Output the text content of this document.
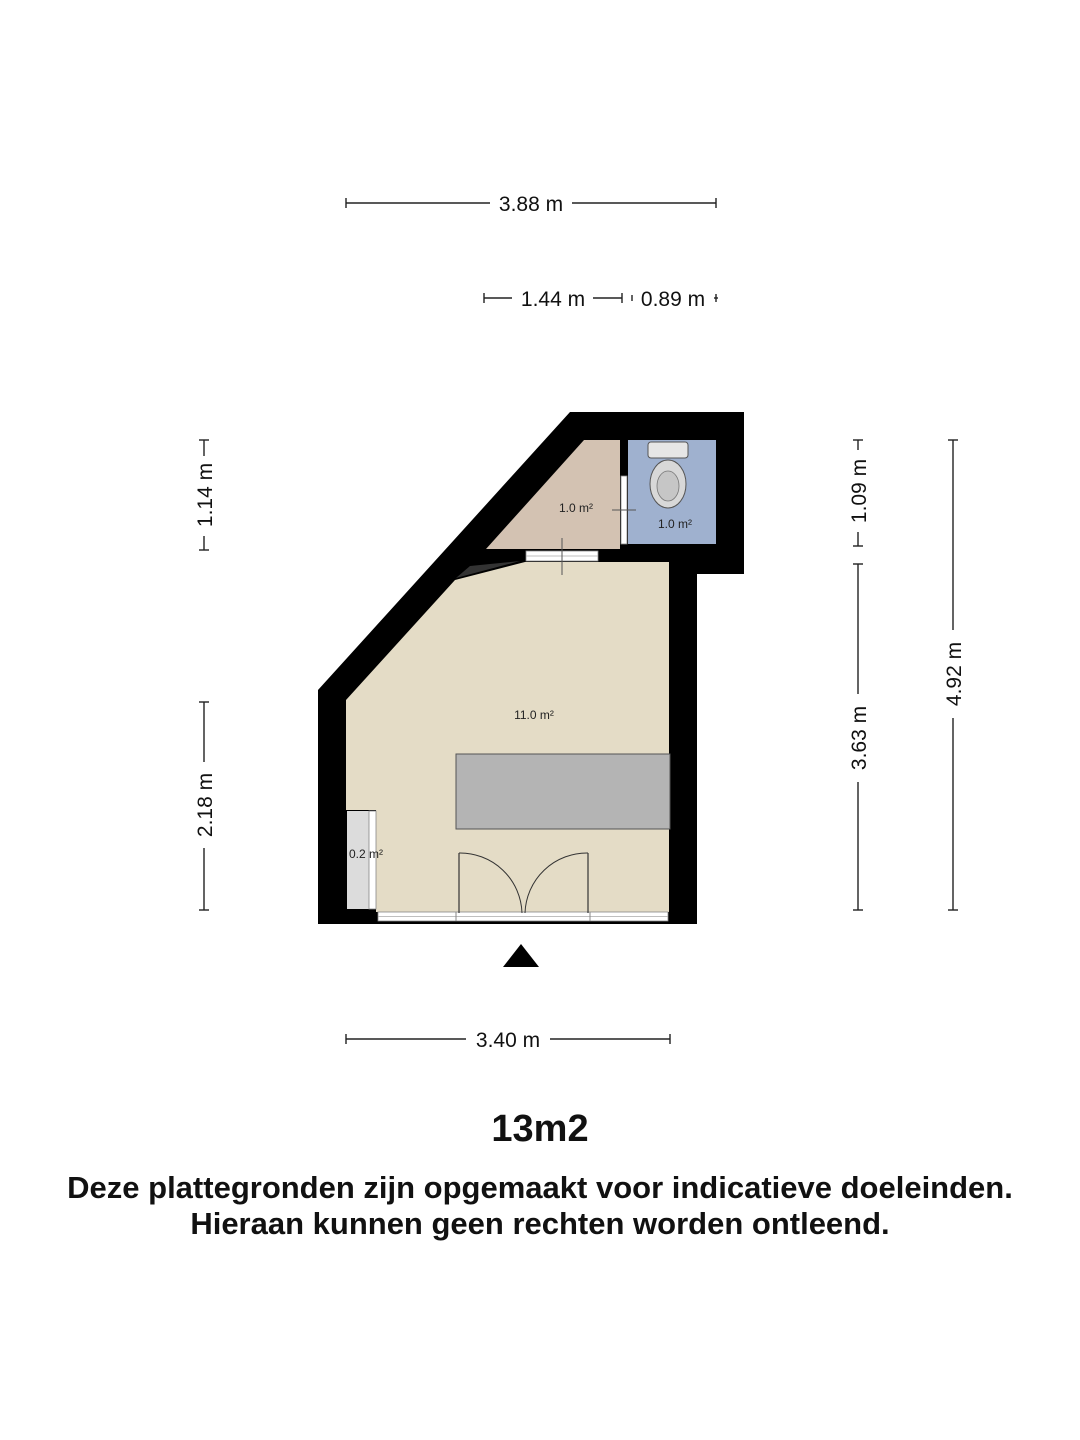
3.88 m
1.44 m	0.89 m
1.14 m
2.18 m
1.09 m
3.63 m
4.92 m
3.40 m
1.0 m²
1.0 m²
11.0 m²
0.2 m²
13m2
Deze plattegronden zijn opgemaakt voor indicatieve doeleinden.
Hieraan kunnen geen rechten worden ontleend.
